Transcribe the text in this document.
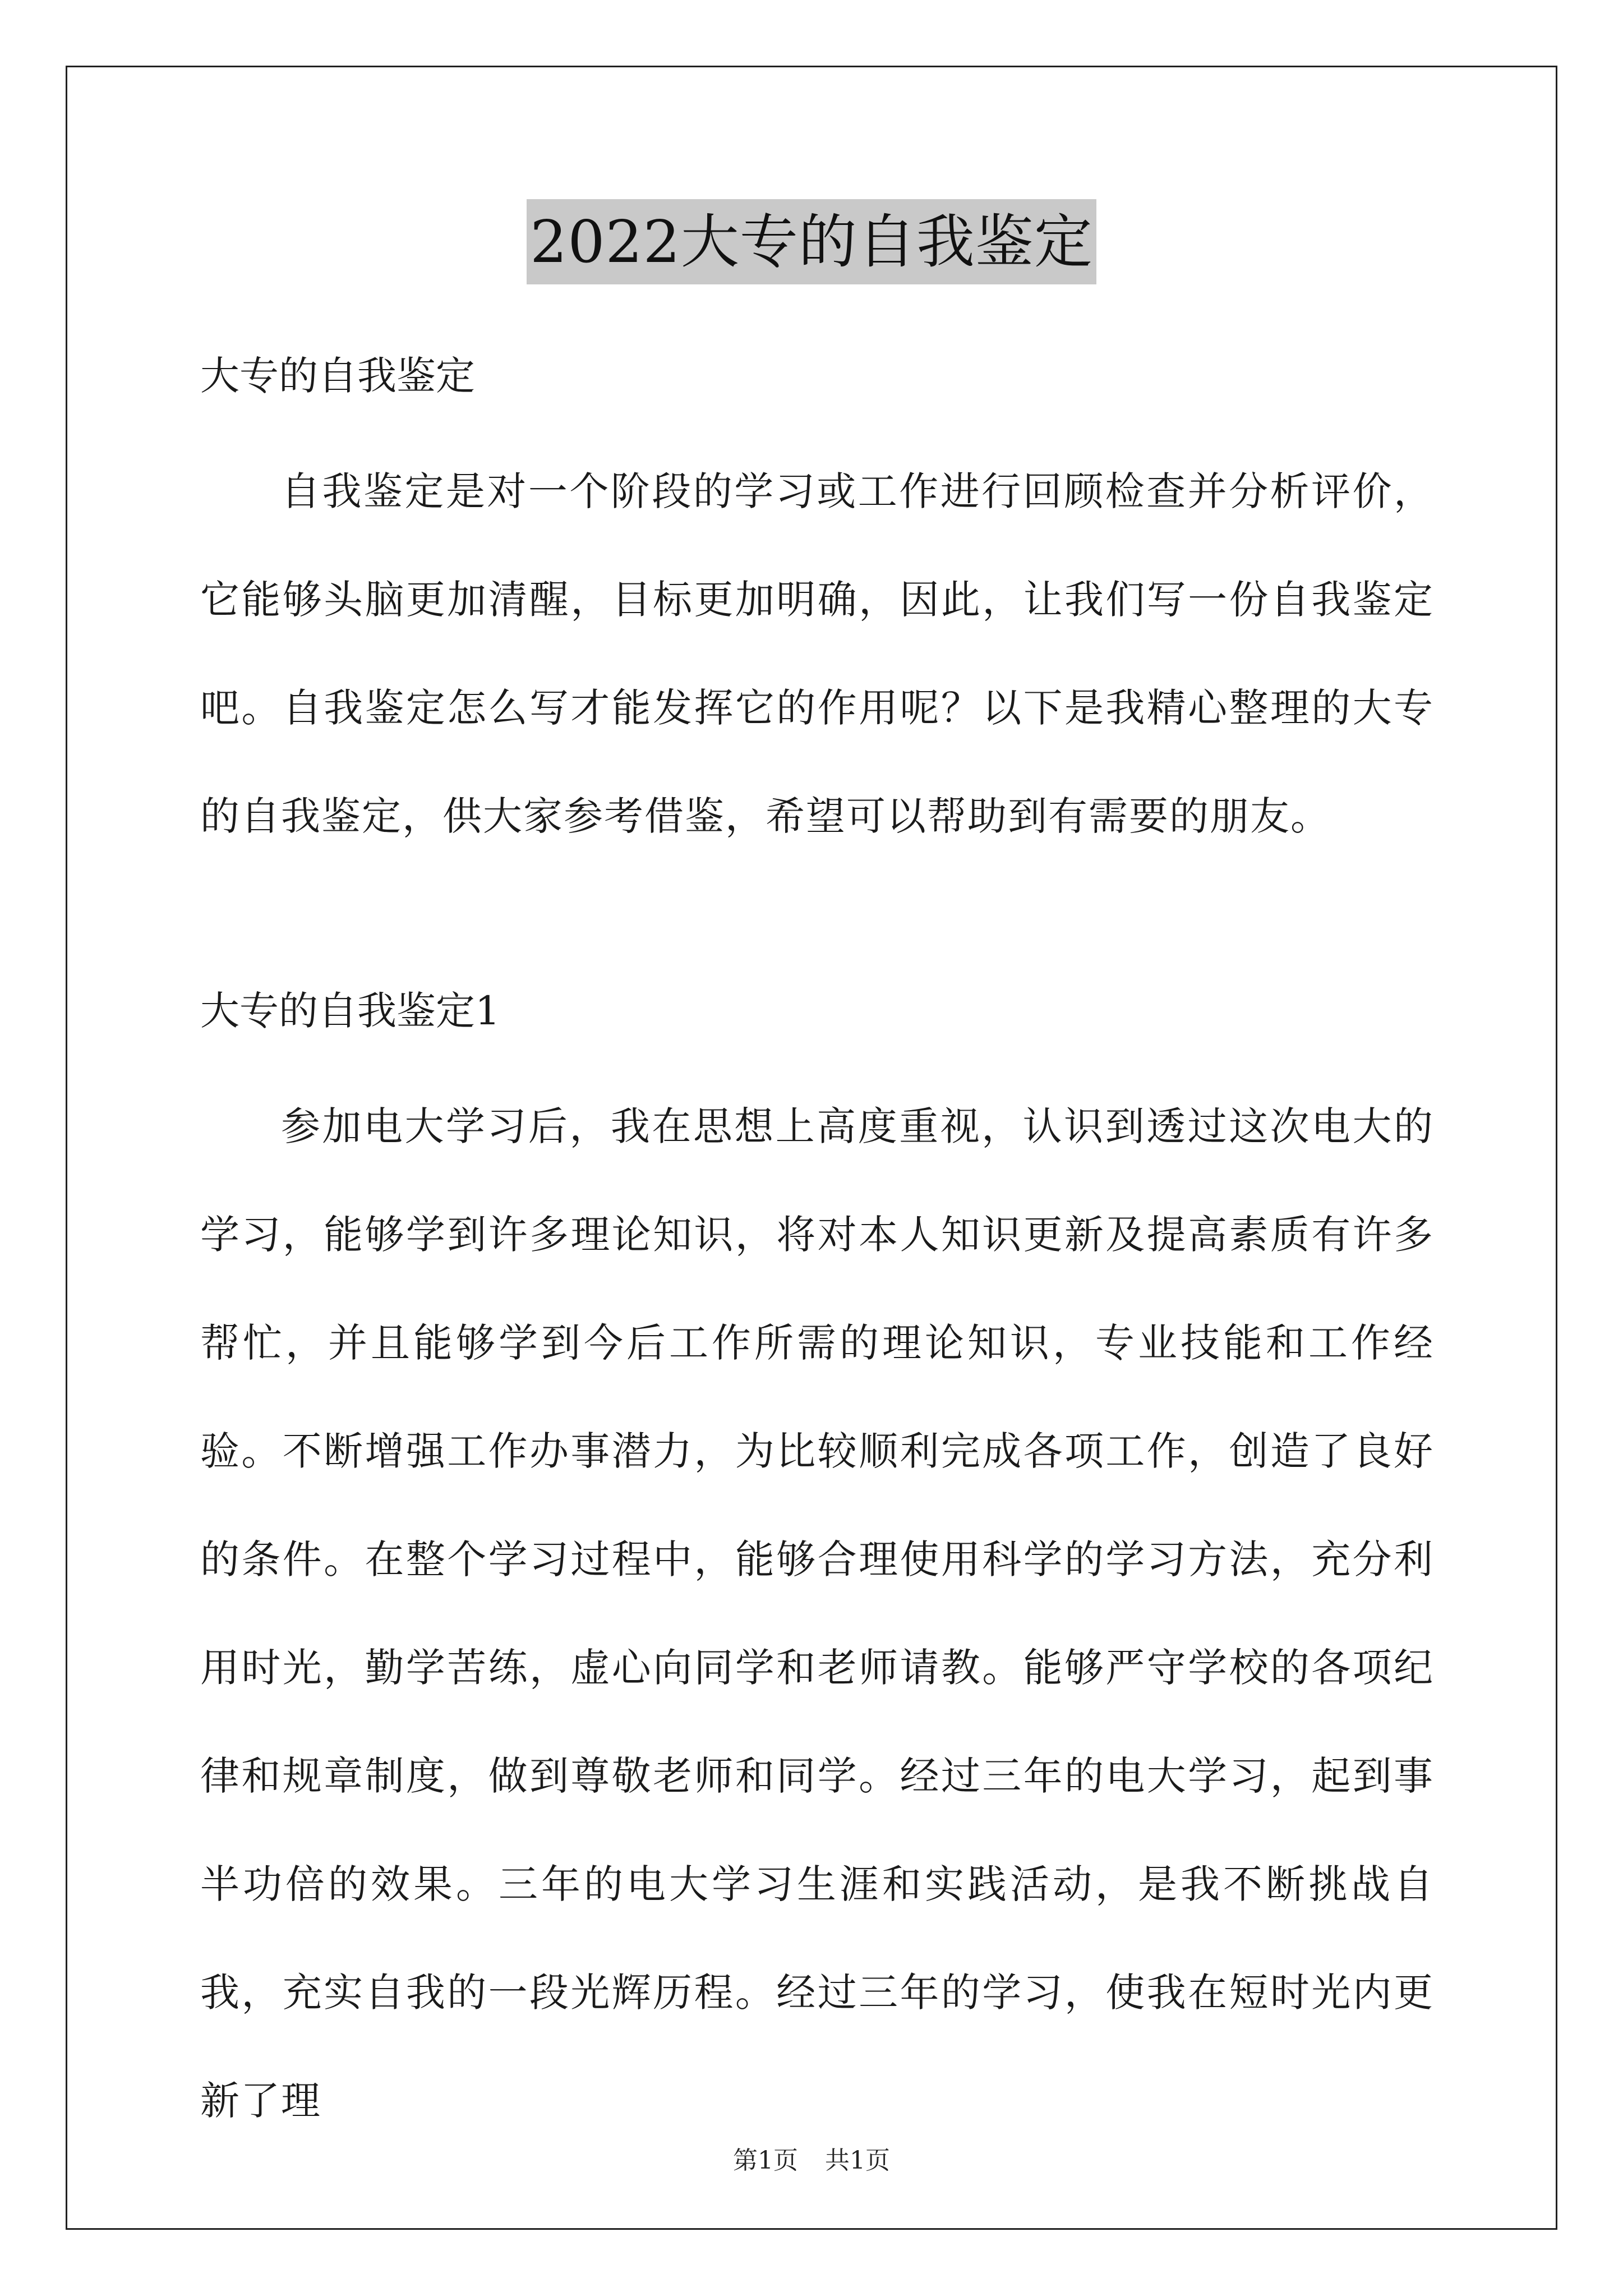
2022大专的自我鉴定

大专的自我鉴定

自我鉴定是对一个阶段的学习或工作进行回顾检查并分析评价，它能够头脑更加清醒，目标更加明确，因此，让我们写一份自我鉴定吧。自我鉴定怎么写才能发挥它的作用呢？以下是我精心整理的大专的自我鉴定，供大家参考借鉴，希望可以帮助到有需要的朋友。

大专的自我鉴定1

参加电大学习后，我在思想上高度重视，认识到透过这次电大的学习，能够学到许多理论知识，将对本人知识更新及提高素质有许多帮忙，并且能够学到今后工作所需的理论知识，专业技能和工作经验。不断增强工作办事潜力，为比较顺利完成各项工作，创造了良好的条件。在整个学习过程中，能够合理使用科学的学习方法，充分利用时光，勤学苦练，虚心向同学和老师请教。能够严守学校的各项纪律和规章制度，做到尊敬老师和同学。经过三年的电大学习，起到事半功倍的效果。三年的电大学习生涯和实践活动，是我不断挑战自我，充实自我的一段光辉历程。经过三年的学习，使我在短时光内更新了理

第1页 共1页
